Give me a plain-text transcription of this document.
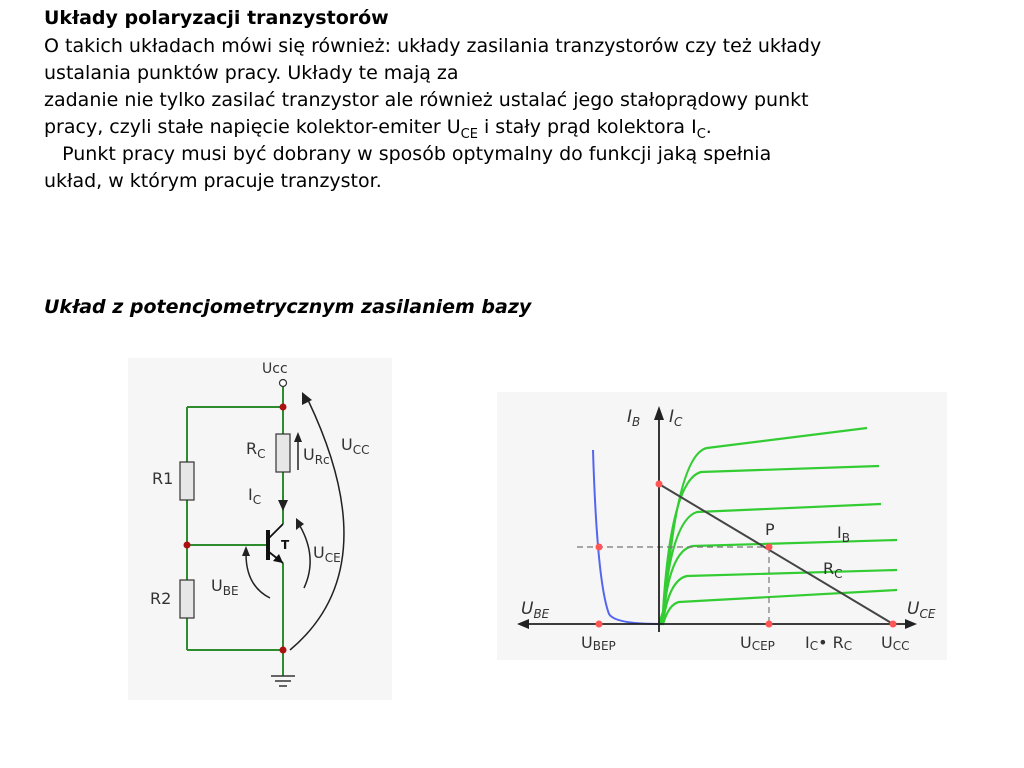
Układy polaryzacji tranzystorów
O takich układach mówi się również: układy zasilania tranzystorów czy też układy
ustalania punktów pracy. Układy te mają za
zadanie nie tylko zasilać tranzystor ale również ustalać jego stałoprądowy punkt
pracy, czyli stałe napięcie kolektor-emiter $U_{CE}$ i stały prąd kolektora $I_C$.
Punkt pracy musi być dobrany w sposób optymalny do funkcji jaką spełnia
układ, w którym pracuje tranzystor.
Układ z potencjometrycznym zasilaniem bazy
Ucc
R1
R2
$R_C$ $U_{Rc}$
$I_C$
T $U_{CE}$
$U_{BE}$
$U_{CC}$
$I_B$ $I_C$
$U_{BE}$	$U_{CE}$
P	$I_B$
$R_C$
UBEP	UCEP IC• RC UCC
